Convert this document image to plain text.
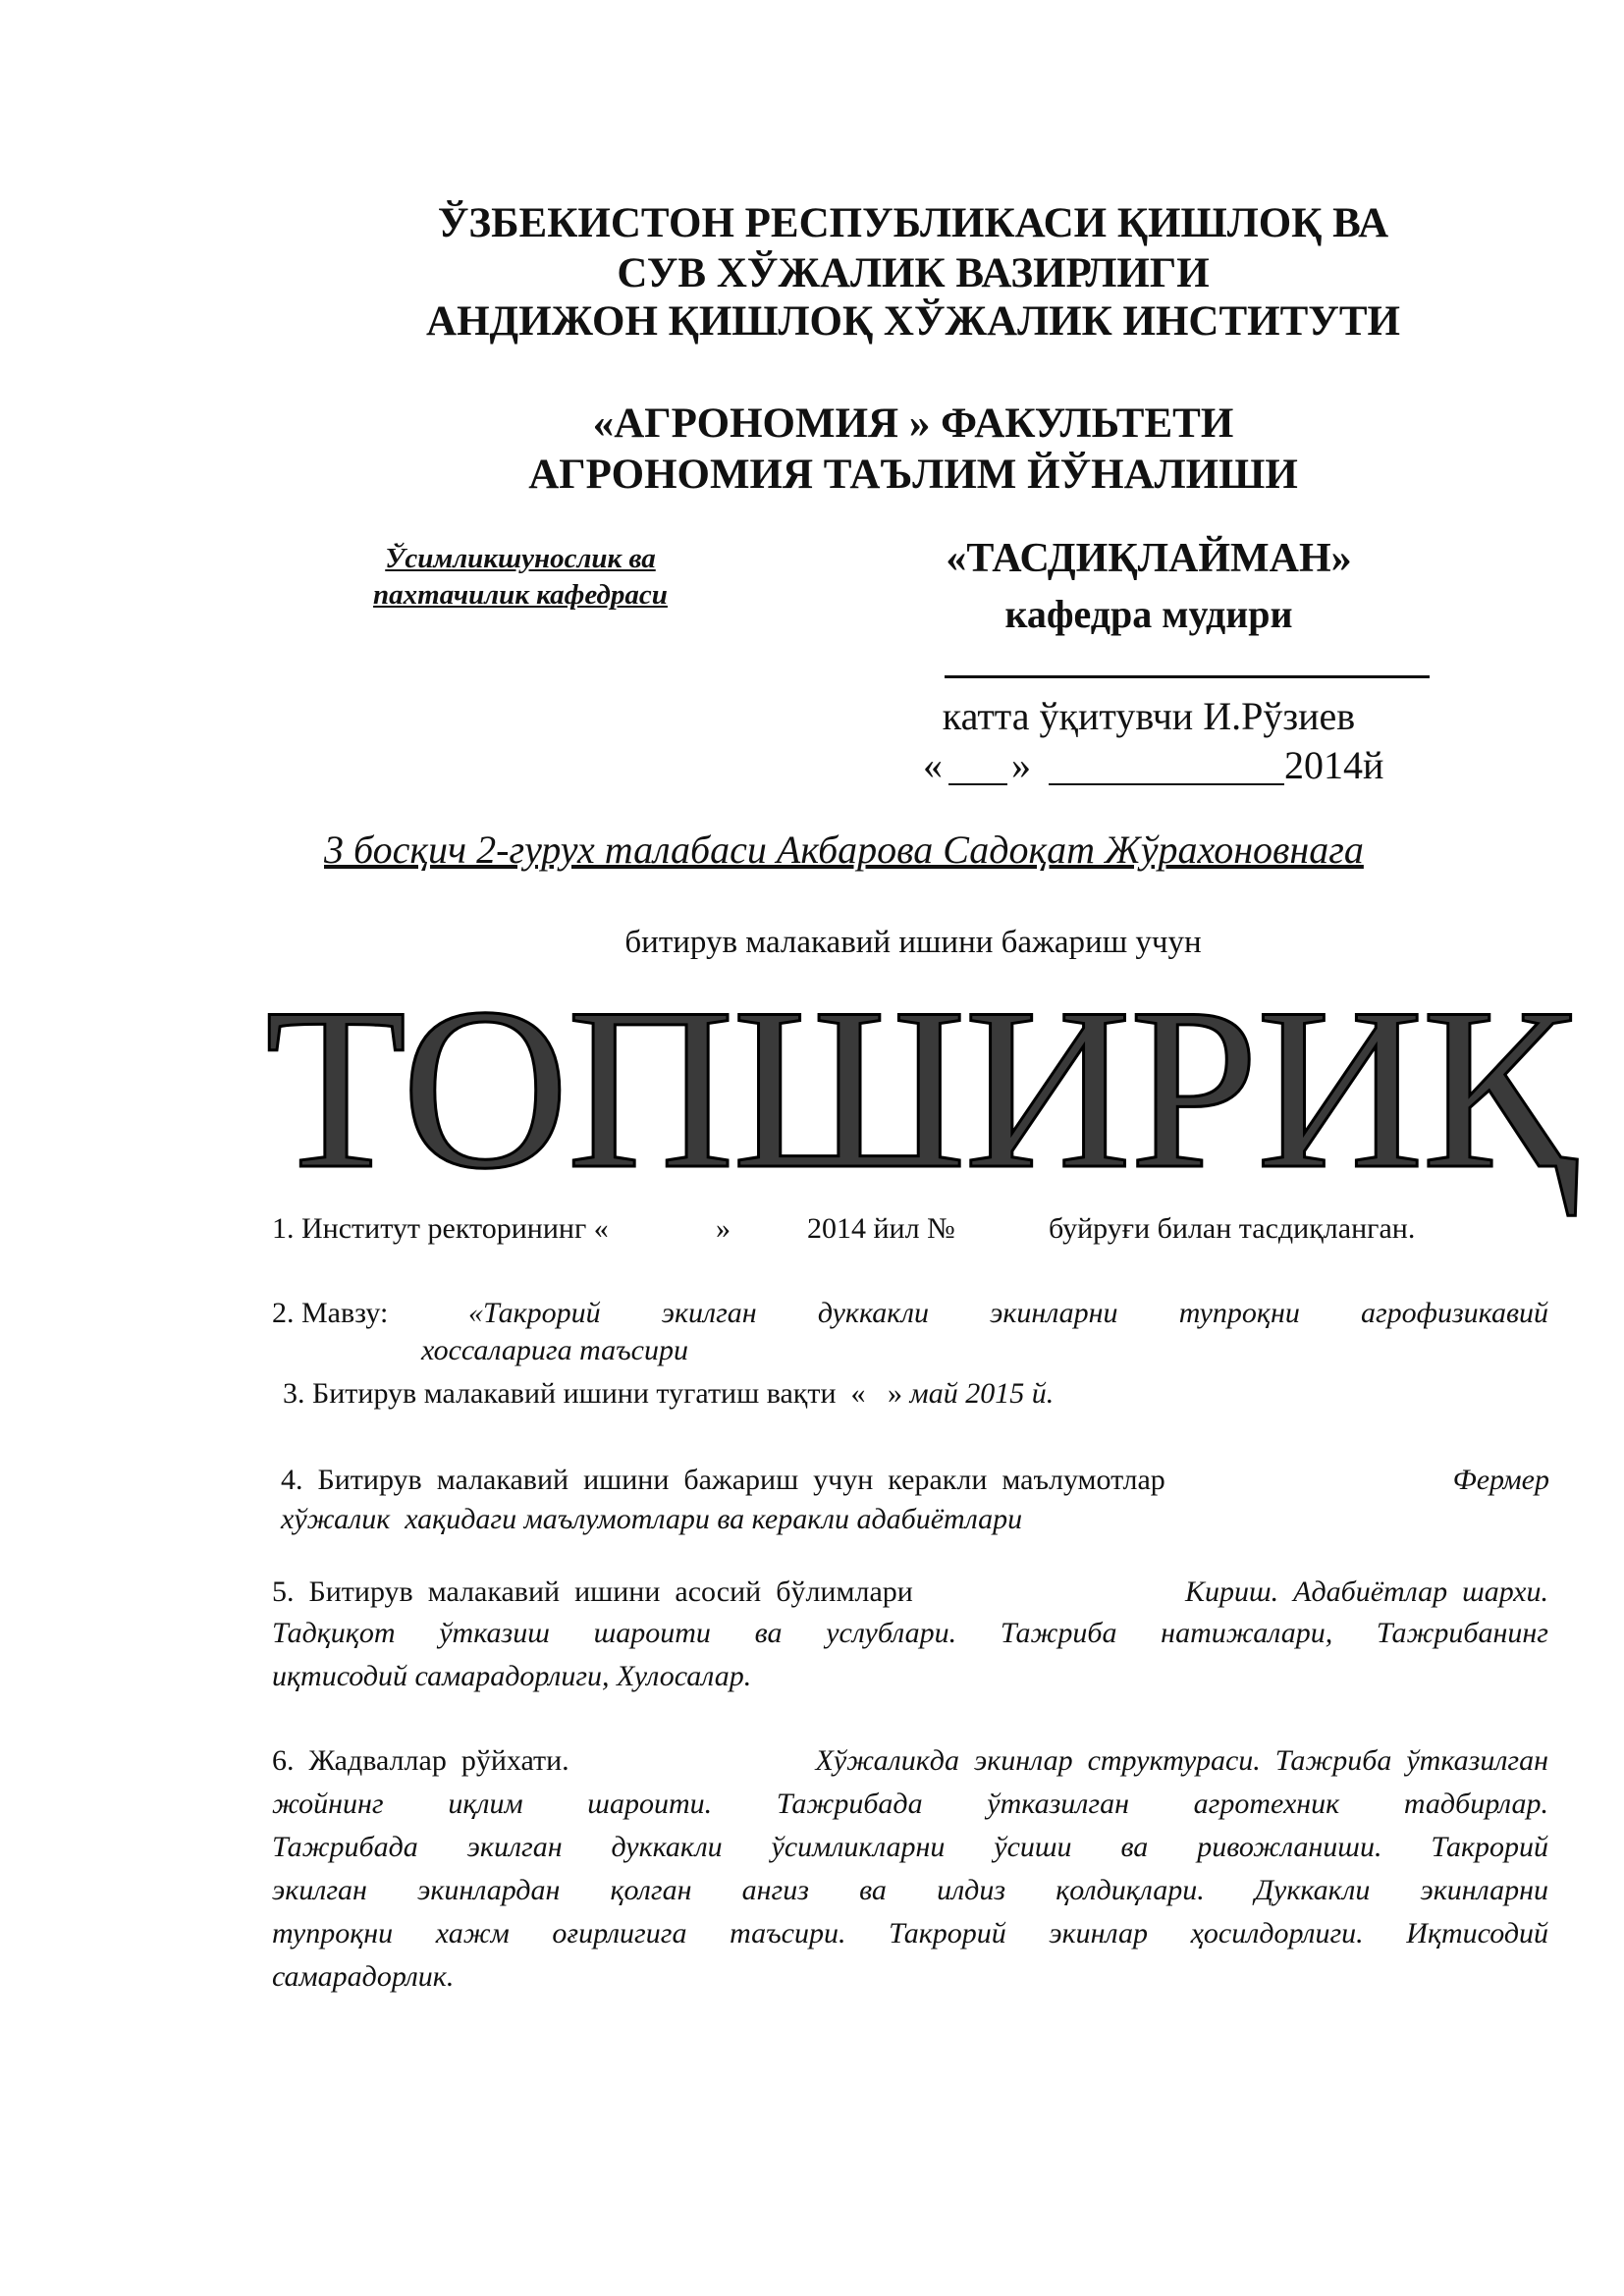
ЎЗБЕКИСТОН РЕСПУБЛИКАСИ ҚИШЛОҚ ВА
СУВ ХЎЖАЛИК ВАЗИРЛИГИ
АНДИЖОН ҚИШЛОҚ ХЎЖАЛИК ИНСТИТУТИ
«АГРОНОМИЯ » ФАКУЛЬТЕТИ
АГРОНОМИЯ ТАЪЛИМ ЙЎНАЛИШИ
Ўсимликшунослик ва
пахтачилик кафедраси
«ТАСДИҚЛАЙМАН»
кафедра мудири
катта ўқитувчи И.Рўзиев
« »	2014й
3 босқич 2-гурух талабаси Акбарова Садоқат Жўрахоновнага
битирув малакавий ишини бажариш учун
ТОПШИРИҚ
1. Институт ректорининг «	»	2014 йил №	буйруғи билан тасдиқланган.
2. Мавзу:	«Такрорий экилган дуккакли экинларни тупроқни агрофизикавий
хоссаларига таъсири
3. Битирув малакавий ишини тугатиш вақти  «   » май 2015 й.
4.  Битирув  малакавий  ишини  бажариш  учун  керакли  маълумотлар	Фермер
хўжалик  хақидаги маълумотлари ва керакли адабиётлари
5.  Битирув  малакавий  ишини  асосий  бўлимлари	Кириш.  Адабиётлар  шархи.
Тадқиқот ўтказиш шароити ва услублари. Тажриба натижалари, Тажрибанинг
иқтисодий самарадорлиги, Хулосалар.
6.  Жадваллар  рўйхати.	Хўжаликда  экинлар  структураси.  Тажриба  ўтказилган
жойнинг   иқлим   шароити.   Тажрибада   ўтказилган   агротехник   тадбирлар.
Тажрибада  экилган  дуккакли  ўсимликларни  ўсиши  ва  ривожланиши.  Такрорий
экилган  экинлардан  қолган  ангиз  ва  илдиз  қолдиқлари.  Дуккакли  экинларни
тупроқни хажм оғирлигига таъсири. Такрорий экинлар ҳосилдорлиги. Иқтисодий
самарадорлик.
